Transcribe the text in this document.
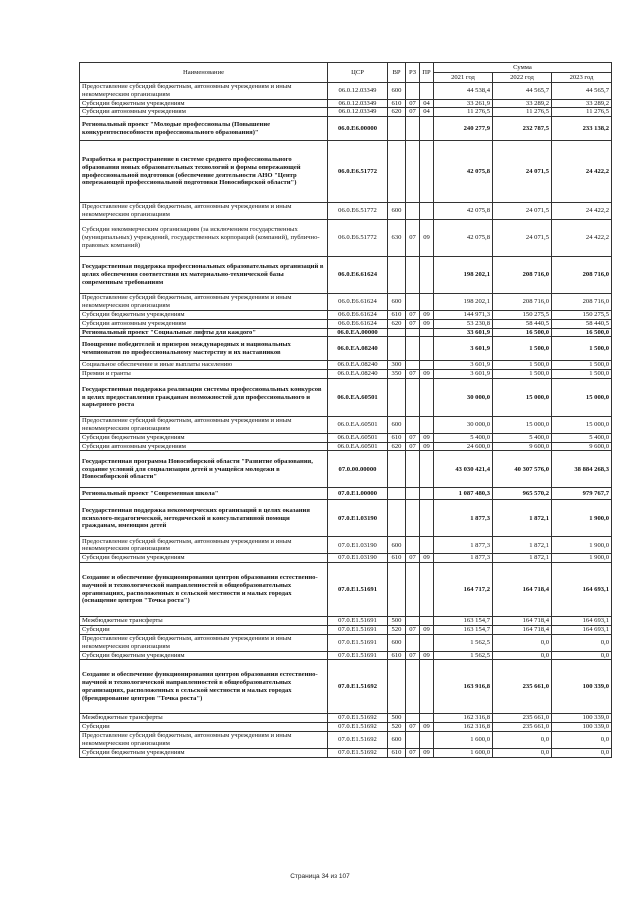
Наименование	ЦСР	ВР	РЗ	ПР	Сумма		
					2021 год	2022 год	2023 год
Предоставление субсидий бюджетным, автономным учреждениям и иным некоммерческим организациям	06.0.12.03349	600			44 538,4	44 565,7	44 565,7
Субсидии бюджетным учреждениям	06.0.12.03349	610	07	04	33 261,9	33 289,2	33 289,2
Субсидии автономным учреждениям	06.0.12.03349	620	07	04	11 276,5	11 276,5	11 276,5
Региональный проект "Молодые профессионалы (Повышение конкурентоспособности профессионального образования)"	06.0.Е6.00000				240 277,9	232 787,5	233 138,2
Разработка и распространение в системе среднего профессионального образования новых образовательных технологий и формы опережающей профессиональной подготовки (обеспечение деятельности АНО "Центр опережающей профессиональной подготовки Новосибирской области")	06.0.Е6.51772				42 075,8	24 071,5	24 422,2
Предоставление субсидий бюджетным, автономным учреждениям и иным некоммерческим организациям	06.0.Е6.51772	600			42 075,8	24 071,5	24 422,2
Субсидии некоммерческим организациям (за исключением государственных (муниципальных) учреждений, государственных корпораций (компаний), публично-правовых компаний)	06.0.Е6.51772	630	07	09	42 075,8	24 071,5	24 422,2
Государственная поддержка профессиональных образовательных организаций в целях обеспечения соответствия их материально-технической базы современным требованиям	06.0.Е6.61624				198 202,1	208 716,0	208 716,0
Предоставление субсидий бюджетным, автономным учреждениям и иным некоммерческим организациям	06.0.Е6.61624	600			198 202,1	208 716,0	208 716,0
Субсидии бюджетным учреждениям	06.0.Е6.61624	610	07	09	144 971,3	150 275,5	150 275,5
Субсидии автономным учреждениям	06.0.Е6.61624	620	07	09	53 230,8	58 440,5	58 440,5
Региональный проект "Социальные лифты для каждого"	06.0.ЕА.00000				33 601,9	16 500,0	16 500,0
Поощрение победителей и призеров международных и национальных чемпионатов по профессиональному мастерству и их наставников	06.0.ЕА.08240				3 601,9	1 500,0	1 500,0
Социальное обеспечение и иные выплаты населению	06.0.ЕА.08240	300			3 601,9	1 500,0	1 500,0
Премии и гранты	06.0.ЕА.08240	350	07	09	3 601,9	1 500,0	1 500,0
Государственная поддержка реализации системы профессиональных конкурсов в целях предоставления гражданам возможностей для профессионального и карьерного роста	06.0.ЕА.60501				30 000,0	15 000,0	15 000,0
Предоставление субсидий бюджетным, автономным учреждениям и иным некоммерческим организациям	06.0.ЕА.60501	600			30 000,0	15 000,0	15 000,0
Субсидии бюджетным учреждениям	06.0.ЕА.60501	610	07	09	5 400,0	5 400,0	5 400,0
Субсидии автономным учреждениям	06.0.ЕА.60501	620	07	09	24 600,0	9 600,0	9 600,0
Государственная программа Новосибирской области "Развитие образования, создание условий для социализации детей и учащейся молодежи в Новосибирской области"	07.0.00.00000				43 030 421,4	40 307 576,0	38 884 268,3
Региональный проект "Современная школа"	07.0.Е1.00000				1 087 480,3	965 570,2	979 767,7
Государственная поддержка некоммерческих организаций в целях оказания психолого-педагогической, методической и консультативной помощи гражданам, имеющим детей	07.0.Е1.03190				1 877,3	1 872,1	1 900,0
Предоставление субсидий бюджетным, автономным учреждениям и иным некоммерческим организациям	07.0.Е1.03190	600			1 877,3	1 872,1	1 900,0
Субсидии бюджетным учреждениям	07.0.Е1.03190	610	07	09	1 877,3	1 872,1	1 900,0
Создание и обеспечение функционирования центров образования естественно-научной и технологической направленностей в общеобразовательных организациях, расположенных в сельской местности и малых городах (оснащение центров "Точка роста")	07.0.Е1.51691				164 717,2	164 718,4	164 693,1
Межбюджетные трансферты	07.0.Е1.51691	500			163 154,7	164 718,4	164 693,1
Субсидии	07.0.Е1.51691	520	07	09	163 154,7	164 718,4	164 693,1
Предоставление субсидий бюджетным, автономным учреждениям и иным некоммерческим организациям	07.0.Е1.51691	600			1 562,5	0,0	0,0
Субсидии бюджетным учреждениям	07.0.Е1.51691	610	07	09	1 562,5	0,0	0,0
Создание и обеспечение функционирования центров образования естественно-научной и технологической направленностей в общеобразовательных организациях, расположенных в сельской местности и малых городах (брендирование центров "Точка роста")	07.0.Е1.51692				163 916,8	235 661,0	100 339,0
Межбюджетные трансферты	07.0.Е1.51692	500			162 316,8	235 661,0	100 339,0
Субсидии	07.0.Е1.51692	520	07	09	162 316,8	235 661,0	100 339,0
Предоставление субсидий бюджетным, автономным учреждениям и иным некоммерческим организациям	07.0.Е1.51692	600			1 600,0	0,0	0,0
Субсидии бюджетным учреждениям	07.0.Е1.51692	610	07	09	1 600,0	0,0	0,0
Страница 34 из 107
